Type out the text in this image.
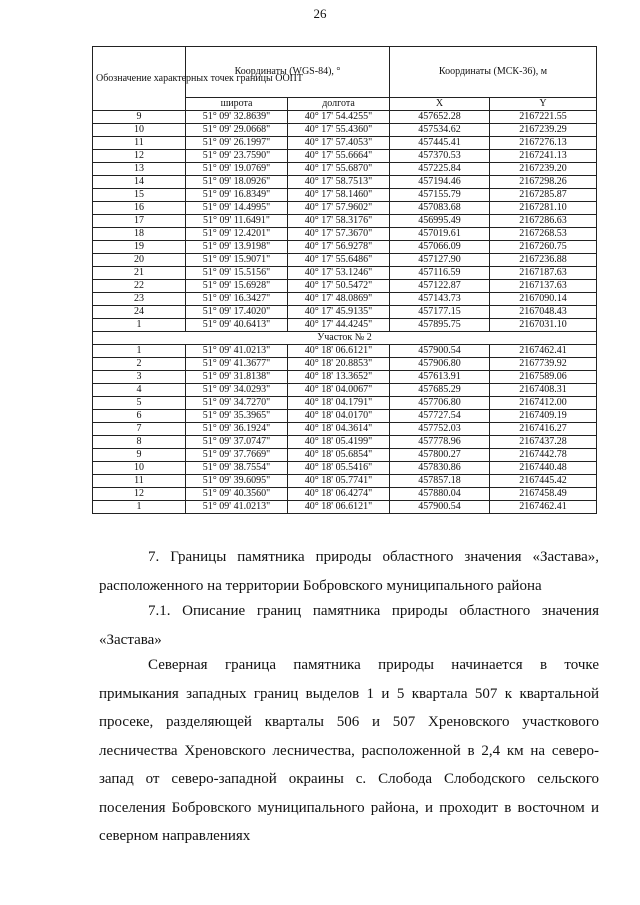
26
Обозначение характерных точек границы ООПТ	Координаты (WGS-84), °		Координаты (МСК-36), м	
	широта	долгота	X	Y
9	51° 09' 32.8639"	40° 17' 54.4255"	457652.28	2167221.55
10	51° 09' 29.0668"	40° 17' 55.4360"	457534.62	2167239.29
11	51° 09' 26.1997"	40° 17' 57.4053"	457445.41	2167276.13
12	51° 09' 23.7590"	40° 17' 55.6664"	457370.53	2167241.13
13	51° 09' 19.0769"	40° 17' 55.6870"	457225.84	2167239.20
14	51° 09' 18.0926"	40° 17' 58.7513"	457194.46	2167298.26
15	51° 09' 16.8349"	40° 17' 58.1460"	457155.79	2167285.87
16	51° 09' 14.4995"	40° 17' 57.9602"	457083.68	2167281.10
17	51° 09' 11.6491"	40° 17' 58.3176"	456995.49	2167286.63
18	51° 09' 12.4201"	40° 17' 57.3670"	457019.61	2167268.53
19	51° 09' 13.9198"	40° 17' 56.9278"	457066.09	2167260.75
20	51° 09' 15.9071"	40° 17' 55.6486"	457127.90	2167236.88
21	51° 09' 15.5156"	40° 17' 53.1246"	457116.59	2167187.63
22	51° 09' 15.6928"	40° 17' 50.5472"	457122.87	2167137.63
23	51° 09' 16.3427"	40° 17' 48.0869"	457143.73	2167090.14
24	51° 09' 17.4020"	40° 17' 45.9135"	457177.15	2167048.43
1	51° 09' 40.6413"	40° 17' 44.4245"	457895.75	2167031.10
Участок № 2				
1	51° 09' 41.0213"	40° 18' 06.6121"	457900.54	2167462.41
2	51° 09' 41.3677"	40° 18' 20.8853"	457906.80	2167739.92
3	51° 09' 31.8138"	40° 18' 13.3652"	457613.91	2167589.06
4	51° 09' 34.0293"	40° 18' 04.0067"	457685.29	2167408.31
5	51° 09' 34.7270"	40° 18' 04.1791"	457706.80	2167412.00
6	51° 09' 35.3965"	40° 18' 04.0170"	457727.54	2167409.19
7	51° 09' 36.1924"	40° 18' 04.3614"	457752.03	2167416.27
8	51° 09' 37.0747"	40° 18' 05.4199"	457778.96	2167437.28
9	51° 09' 37.7669"	40° 18' 05.6854"	457800.27	2167442.78
10	51° 09' 38.7554"	40° 18' 05.5416"	457830.86	2167440.48
11	51° 09' 39.6095"	40° 18' 05.7741"	457857.18	2167445.42
12	51° 09' 40.3560"	40° 18' 06.4274"	457880.04	2167458.49
1	51° 09' 41.0213"	40° 18' 06.6121"	457900.54	2167462.41
7. Границы памятника природы областного значения «Застава», расположенного на территории Бобровского муниципального района
7.1. Описание границ памятника природы областного значения «Застава»
Северная граница памятника природы начинается в точке примыкания западных границ выделов 1 и 5 квартала 507 к квартальной просеке, разделяющей кварталы 506 и 507 Хреновского участкового лесничества Хреновского лесничества, расположенной в 2,4 км на северо-запад от северо-западной окраины с. Слобода Слободского сельского поселения Бобровского муниципального района, и проходит в восточном и северном направлениях
